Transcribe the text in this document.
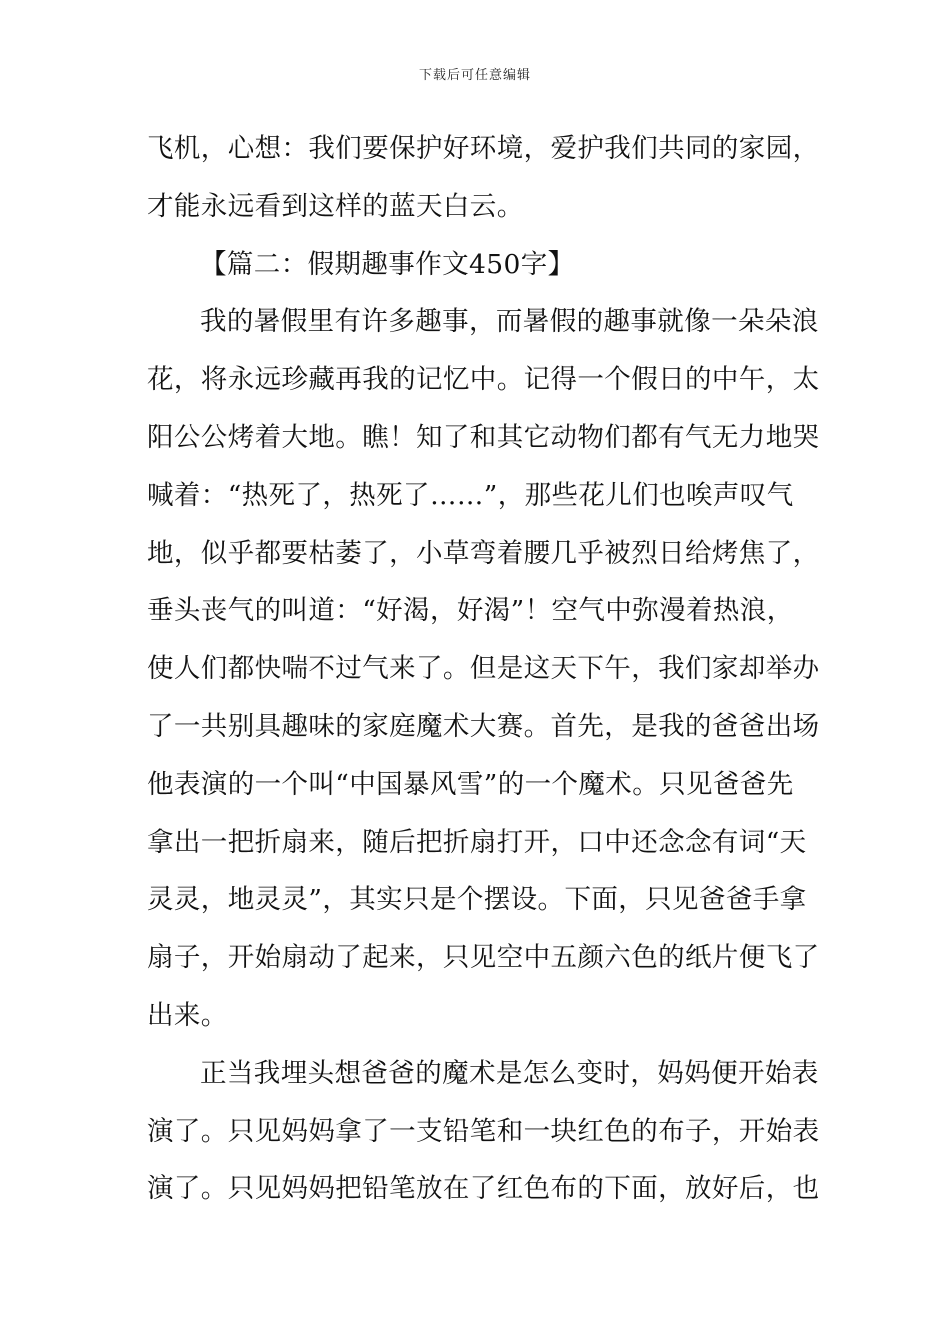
下载后可任意编辑
飞机，心想：我们要保护好环境，爱护我们共同的家园，
才能永远看到这样的蓝天白云。
【篇二：假期趣事作文450字】
我的暑假里有许多趣事，而暑假的趣事就像一朵朵浪
花，将永远珍藏再我的记忆中。记得一个假日的中午，太
阳公公烤着大地。瞧！知了和其它动物们都有气无力地哭
喊着：“热死了，热死了……”，那些花儿们也唉声叹气
地，似乎都要枯萎了，小草弯着腰几乎被烈日给烤焦了，
垂头丧气的叫道：“好渴，好渴”！空气中弥漫着热浪，
使人们都快喘不过气来了。但是这天下午，我们家却举办
了一共别具趣味的家庭魔术大赛。首先，是我的爸爸出场
他表演的一个叫“中国暴风雪”的一个魔术。只见爸爸先
拿出一把折扇来，随后把折扇打开，口中还念念有词“天
灵灵，地灵灵”，其实只是个摆设。下面，只见爸爸手拿
扇子，开始扇动了起来，只见空中五颜六色的纸片便飞了
出来。
正当我埋头想爸爸的魔术是怎么变时，妈妈便开始表
演了。只见妈妈拿了一支铅笔和一块红色的布子，开始表
演了。只见妈妈把铅笔放在了红色布的下面，放好后，也
